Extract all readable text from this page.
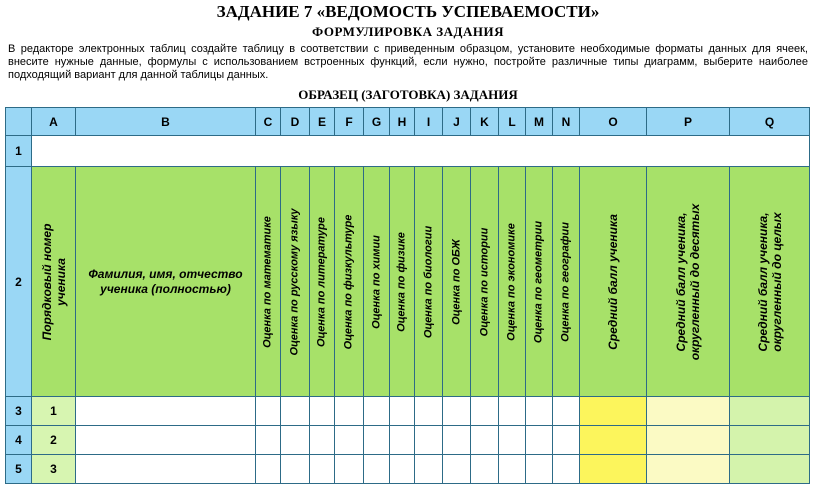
ЗАДАНИЕ 7 «ВЕДОМОСТЬ УСПЕВАЕМОСТИ»
ФОРМУЛИРОВКА ЗАДАНИЯ
В редакторе электронных таблиц создайте таблицу в соответствии с приведенным образцом, установите необходимые форматы данных для ячеек, внесите нужные данные, формулы с использованием встроенных функций, если нужно, постройте различные типы диаграмм, выберите наиболее подходящий вариант для данной таблицы данных.
ОБРАЗЕЦ (ЗАГОТОВКА) ЗАДАНИЯ
	A	B	C	D	E	F	G	H	I	J	K	L	M	N	O	P	Q
1																	
2	Порядковый номер ученика	Фамилия, имя, отчество ученика (полностью)	Оценка по математике	Оценка по русскому языку	Оценка по литературе	Оценка по физкультуре	Оценка по химии	Оценка по физике	Оценка по биологии	Оценка по ОБЖ	Оценка по истории	Оценка по экономике	Оценка по геометрии	Оценка по географии	Средний балл ученика	Средний балл ученика, округленный до десятых	Средний балл ученика, округленный до целых

3	1																
4	2																
5	3																
